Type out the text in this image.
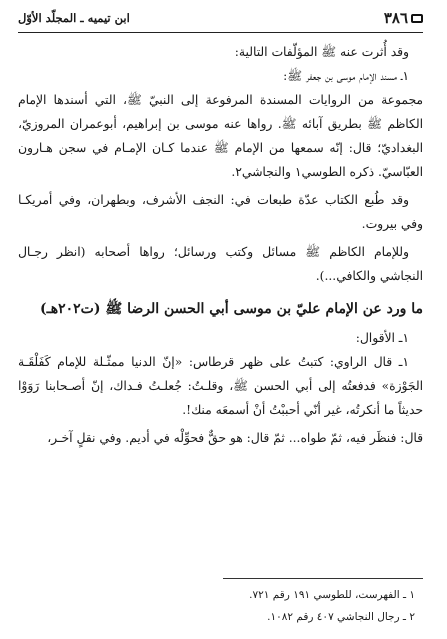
٣٨٦
ابن تيميه ـ المجلّد الأوّل

وقد أُثرت عنه ﷺ المؤلّفات التالية:

١ـ مسند الإمام موسى بن جعفر ﷺ:

مجموعة من الروايات المسندة المرفوعة إلى النبيّ ﷺ، التي أسندها الإمام الكاظم ﷺ بطريق آبائه ﷺ. رواها عنه موسى بن إبراهيم، أبوعمران المروزيّ، البغداديّ؛ قال: إنّه سمعها من الإمام ﷺ عندما كـان الإمـام في سجن هـارون العبّاسيّ. ذكره الطوسي١ والنجاشي٢.

وقد طُبع الكتاب عدّة طبعات في: النجف الأشرف، وبطهران، وفي أمريكـا وفي بيروت.

وللإمام الكاظم ﷺ مسائل وكتب ورسائل؛ رواها أصحابه (انظر رجـال النجاشي والكافي...).

ما ورد عن الإمام عليّ بن موسى أبي الحسن الرضا ﷺ (ت٢٠٢هـ)

١ـ الأقوال:

١ـ قال الراوي: كتبتُ على ظهر قرطاس: «إنّ الدنيا ممثّـلة للإمام كَفَلْقَـة الجَوْزة» فدفعتُه إلى أبي الحسن ﷺ، وقلـتُ: جُعلـتُ فـداك، إنّ أصـحابنا رَوَوْا حديثاً ما أنكرتُه، غير أنّي أحببْتُ أنْ أسمعَه منك!.

قال: فنظَر فيه، ثمّ طواه... ثمّ قال: هو حقٌّ فحوِّلْه في أديم. وفي نقلٍ آخـر،

١ ـ الفهرست، للطوسي ١٩١ رقم ٧٢١.

٢ ـ رجال النجاشي ٤٠٧ رقم ١٠٨٢.
